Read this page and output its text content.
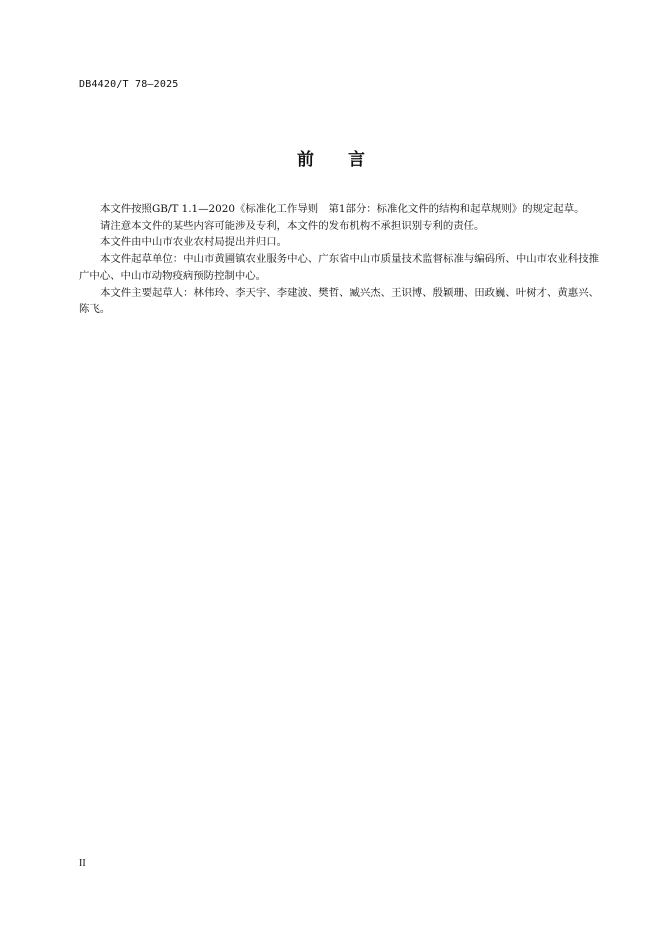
DB4420/T 78—2025
前言

本文件按照GB/T 1.1—2020《标准化工作导则　第1部分：标准化文件的结构和起草规则》的规定起草。

请注意本文件的某些内容可能涉及专利，本文件的发布机构不承担识别专利的责任。

本文件由中山市农业农村局提出并归口。

本文件起草单位：中山市黄圃镇农业服务中心、广东省中山市质量技术监督标准与编码所、中山市农业科技推广中心、中山市动物疫病预防控制中心。

本文件主要起草人：林伟玲、李天宇、李建波、樊哲、臧兴杰、王识博、殷颖珊、田政巍、叶树才、黄惠兴、陈飞。

II
